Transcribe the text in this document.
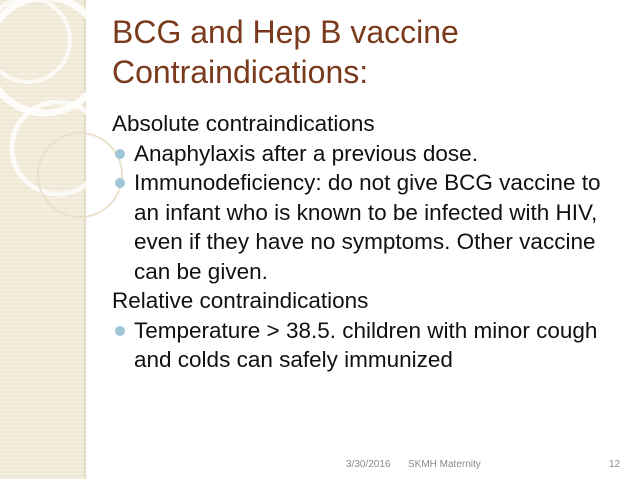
BCG and Hep B vaccine
Contraindications:

Absolute contraindications

Anaphylaxis after a previous dose.
Immunodeficiency: do not give BCG vaccine to an infant who is known to be infected with HIV, even if they have no symptoms. Other vaccine can be given.

Relative contraindications

Temperature > 38.5. children with minor cough and colds can safely immunized
3/30/2016 SKMH Maternity	12
